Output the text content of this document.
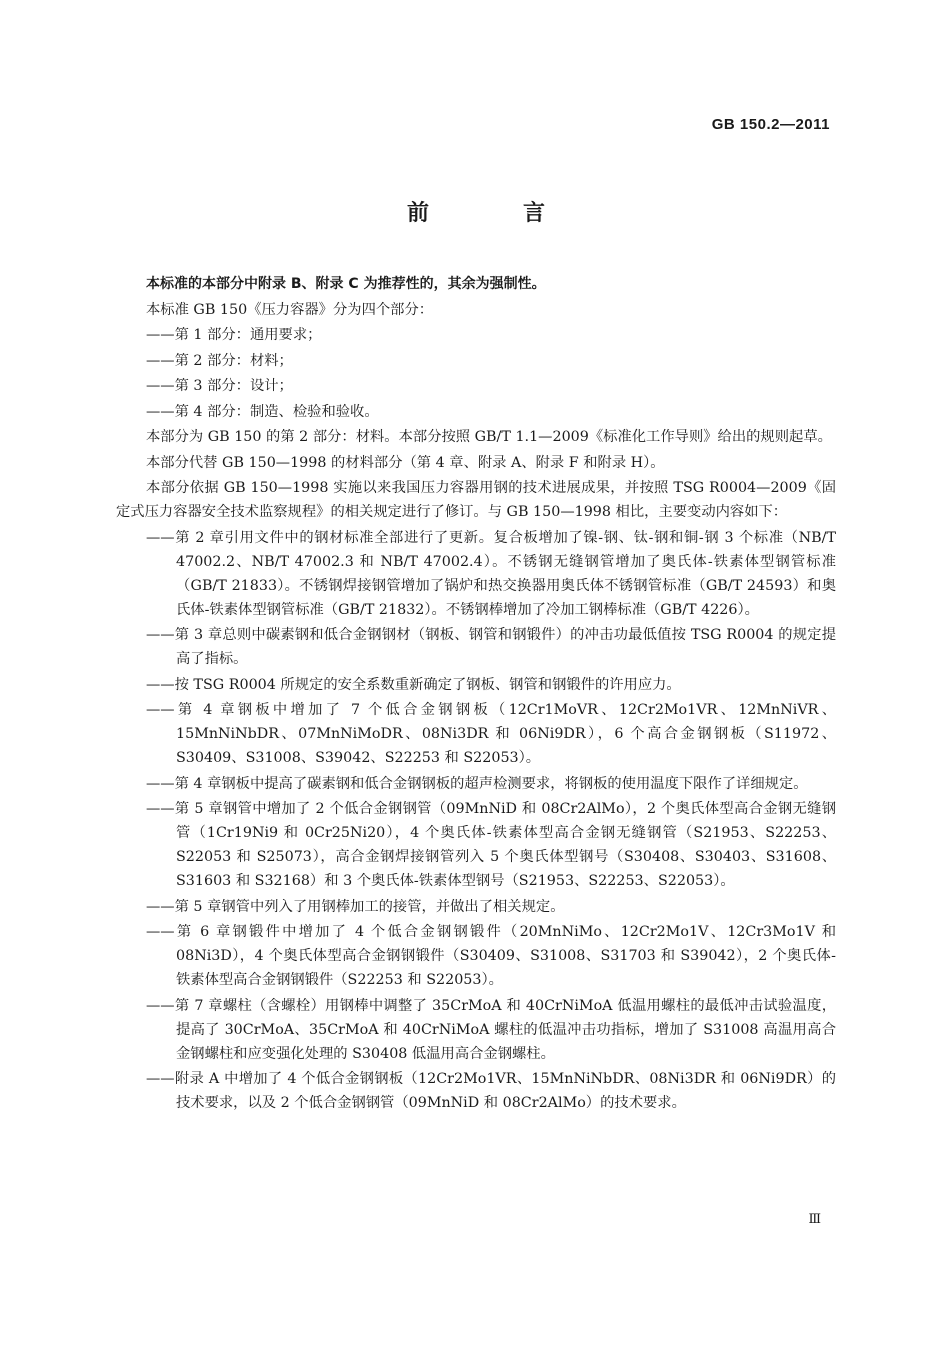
GB 150.2—2011
前　言

本标准的本部分中附录 B、附录 C 为推荐性的，其余为强制性。

本标准 GB 150《压力容器》分为四个部分：

——第 1 部分：通用要求；

——第 2 部分：材料；

——第 3 部分：设计；

——第 4 部分：制造、检验和验收。

本部分为 GB 150 的第 2 部分：材料。本部分按照 GB/T 1.1—2009《标准化工作导则》给出的规则起草。

本部分代替 GB 150—1998 的材料部分（第 4 章、附录 A、附录 F 和附录 H）。

本部分依据 GB 150—1998 实施以来我国压力容器用钢的技术进展成果，并按照 TSG R0004—2009《固定式压力容器安全技术监察规程》的相关规定进行了修订。与 GB 150—1998 相比，主要变动内容如下：

——第 2 章引用文件中的钢材标准全部进行了更新。复合板增加了镍-钢、钛-钢和铜-钢 3 个标准（NB/T 47002.2、NB/T 47002.3 和 NB/T 47002.4）。不锈钢无缝钢管增加了奥氏体-铁素体型钢管标准（GB/T 21833）。不锈钢焊接钢管增加了锅炉和热交换器用奥氏体不锈钢管标准（GB/T 24593）和奥氏体-铁素体型钢管标准（GB/T 21832）。不锈钢棒增加了冷加工钢棒标准（GB/T 4226）。

——第 3 章总则中碳素钢和低合金钢钢材（钢板、钢管和钢锻件）的冲击功最低值按 TSG R0004 的规定提高了指标。

——按 TSG R0004 所规定的安全系数重新确定了钢板、钢管和钢锻件的许用应力。

——第 4 章钢板中增加了 7 个低合金钢钢板（12Cr1MoVR、12Cr2Mo1VR、12MnNiVR、15MnNiNbDR、07MnNiMoDR、08Ni3DR 和 06Ni9DR），6 个高合金钢钢板（S11972、S30409、S31008、S39042、S22253 和 S22053）。

——第 4 章钢板中提高了碳素钢和低合金钢钢板的超声检测要求，将钢板的使用温度下限作了详细规定。

——第 5 章钢管中增加了 2 个低合金钢钢管（09MnNiD 和 08Cr2AlMo），2 个奥氏体型高合金钢无缝钢管（1Cr19Ni9 和 0Cr25Ni20），4 个奥氏体-铁素体型高合金钢无缝钢管（S21953、S22253、S22053 和 S25073），高合金钢焊接钢管列入 5 个奥氏体型钢号（S30408、S30403、S31608、S31603 和 S32168）和 3 个奥氏体-铁素体型钢号（S21953、S22253、S22053）。

——第 5 章钢管中列入了用钢棒加工的接管，并做出了相关规定。

——第 6 章钢锻件中增加了 4 个低合金钢钢锻件（20MnNiMo、12Cr2Mo1V、12Cr3Mo1V 和 08Ni3D），4 个奥氏体型高合金钢钢锻件（S30409、S31008、S31703 和 S39042），2 个奥氏体-铁素体型高合金钢钢锻件（S22253 和 S22053）。

——第 7 章螺柱（含螺栓）用钢棒中调整了 35CrMoA 和 40CrNiMoA 低温用螺柱的最低冲击试验温度，提高了 30CrMoA、35CrMoA 和 40CrNiMoA 螺柱的低温冲击功指标，增加了 S31008 高温用高合金钢螺柱和应变强化处理的 S30408 低温用高合金钢螺柱。

——附录 A 中增加了 4 个低合金钢钢板（12Cr2Mo1VR、15MnNiNbDR、08Ni3DR 和 06Ni9DR）的技术要求，以及 2 个低合金钢钢管（09MnNiD 和 08Cr2AlMo）的技术要求。

Ⅲ
